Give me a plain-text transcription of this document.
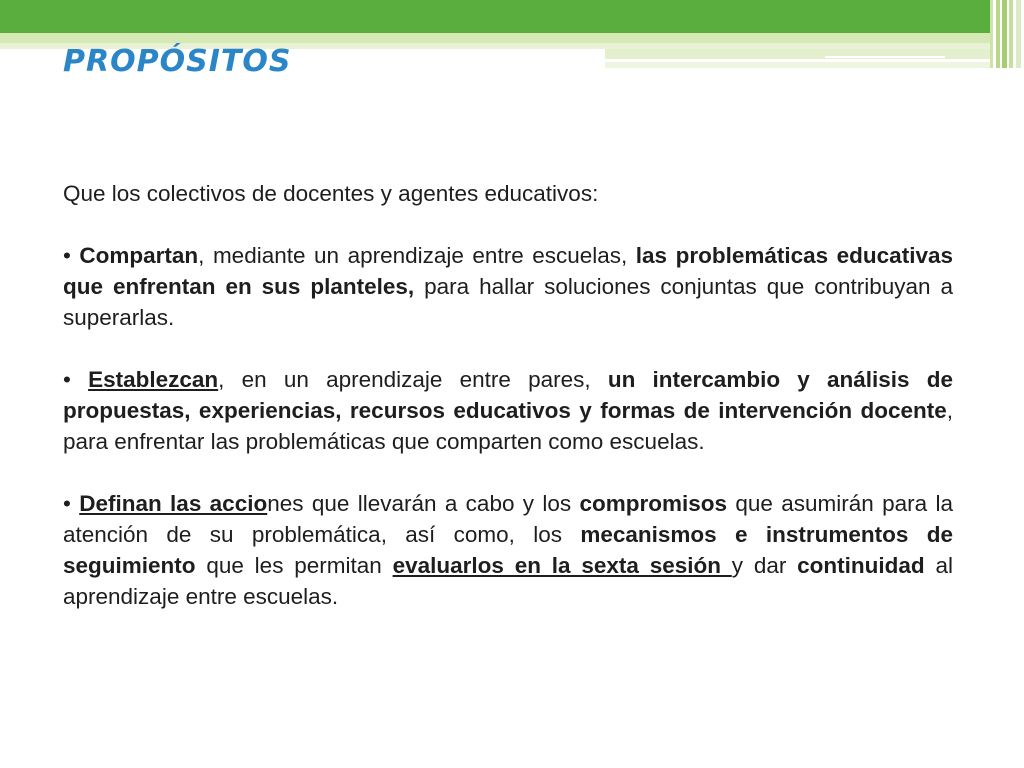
PROPÓSITOS

Que los colectivos de docentes y agentes educativos:

• Compartan, mediante un aprendizaje entre escuelas, las problemáticas educativas que enfrentan en sus planteles, para hallar soluciones conjuntas que contribuyan a superarlas.

• Establezcan, en un aprendizaje entre pares, un intercambio y análisis de propuestas, experiencias, recursos educativos y formas de intervención docente, para enfrentar las problemáticas que comparten como escuelas.

• Definan las acciones que llevarán a cabo y los compromisos que asumirán para la atención de su problemática, así como, los mecanismos e instrumentos de seguimiento que les permitan evaluarlos en la sexta sesión y dar continuidad al aprendizaje entre escuelas.
